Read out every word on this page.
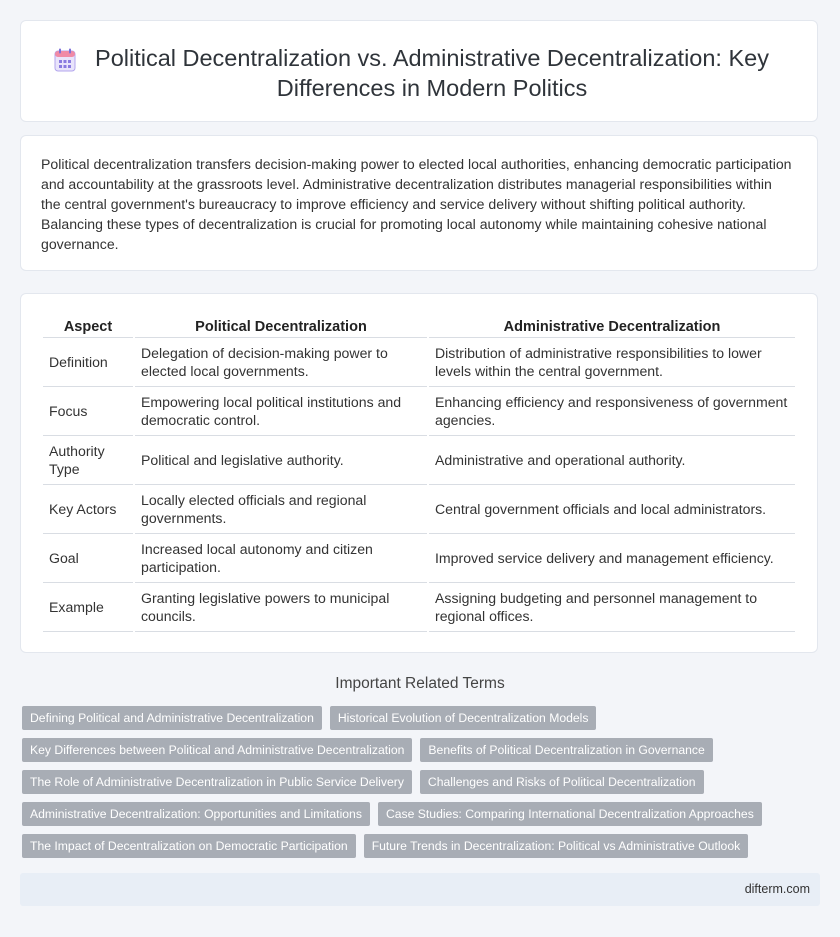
Political Decentralization vs. Administrative Decentralization: Key Differences in Modern Politics

Political decentralization transfers decision-making power to elected local authorities, enhancing democratic participation and accountability at the grassroots level. Administrative decentralization distributes managerial responsibilities within the central government's bureaucracy to improve efficiency and service delivery without shifting political authority. Balancing these types of decentralization is crucial for promoting local autonomy while maintaining cohesive national governance.

Aspect	Political Decentralization	Administrative Decentralization
Definition	Delegation of decision-making power to elected local governments.	Distribution of administrative responsibilities to lower levels within the central government.
Focus	Empowering local political institutions and democratic control.	Enhancing efficiency and responsiveness of government agencies.
Authority Type	Political and legislative authority.	Administrative and operational authority.
Key Actors	Locally elected officials and regional governments.	Central government officials and local administrators.
Goal	Increased local autonomy and citizen participation.	Improved service delivery and management efficiency.
Example	Granting legislative powers to municipal councils.	Assigning budgeting and personnel management to regional offices.
Important Related Terms
Defining Political and Administrative Decentralization	Historical Evolution of Decentralization Models
Key Differences between Political and Administrative Decentralization	Benefits of Political Decentralization in Governance
The Role of Administrative Decentralization in Public Service Delivery	Challenges and Risks of Political Decentralization
Administrative Decentralization: Opportunities and Limitations	Case Studies: Comparing International Decentralization Approaches
The Impact of Decentralization on Democratic Participation	Future Trends in Decentralization: Political vs Administrative Outlook
difterm.com
